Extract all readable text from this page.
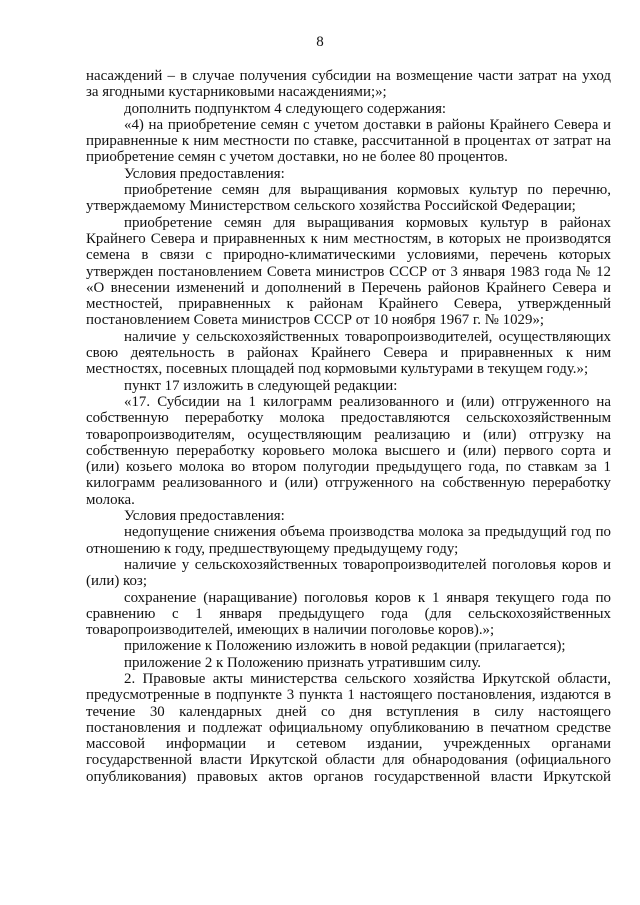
8

насаждений – в случае получения субсидии на возмещение части затрат на уход за ягодными кустарниковыми насаждениями;»;

дополнить подпунктом 4 следующего содержания:

«4) на приобретение семян с учетом доставки в районы Крайнего Севера и приравненные к ним местности по ставке, рассчитанной в процентах от затрат на приобретение семян с учетом доставки, но не более 80 процентов.

Условия предоставления:

приобретение семян для выращивания кормовых культур по перечню, утверждаемому Министерством сельского хозяйства Российской Федерации;

приобретение семян для выращивания кормовых культур в районах Крайнего Севера и приравненных к ним местностям, в которых не производятся семена в связи с природно-климатическими условиями, перечень которых утвержден постановлением Совета министров СССР от 3 января 1983 года № 12 «О внесении изменений и дополнений в Перечень районов Крайнего Севера и местностей, приравненных к районам Крайнего Севера, утвержденный постановлением Совета министров СССР от 10 ноября 1967 г. № 1029»;

наличие у сельскохозяйственных товаропроизводителей, осуществляющих свою деятельность в районах Крайнего Севера и приравненных к ним местностях, посевных площадей под кормовыми культурами в текущем году.»;

пункт 17 изложить в следующей редакции:

«17. Субсидии на 1 килограмм реализованного и (или) отгруженного на собственную переработку молока предоставляются сельскохозяйственным товаропроизводителям, осуществляющим реализацию и (или) отгрузку на собственную переработку коровьего молока высшего и (или) первого сорта и (или) козьего молока во втором полугодии предыдущего года, по ставкам за 1 килограмм реализованного и (или) отгруженного на собственную переработку молока.

Условия предоставления:

недопущение снижения объема производства молока за предыдущий год по отношению к году, предшествующему предыдущему году;

наличие у сельскохозяйственных товаропроизводителей поголовья коров и (или) коз;

сохранение (наращивание) поголовья коров к 1 января текущего года по сравнению с 1 января предыдущего года (для сельскохозяйственных товаропроизводителей, имеющих в наличии поголовье коров).»;

приложение к Положению изложить в новой редакции (прилагается);

приложение 2 к Положению признать утратившим силу.

2. Правовые акты министерства сельского хозяйства Иркутской области, предусмотренные в подпункте 3 пункта 1 настоящего постановления, издаются в течение 30 календарных дней со дня вступления в силу настоящего постановления и подлежат официальному опубликованию в печатном средстве массовой информации и сетевом издании, учрежденных органами государственной власти Иркутской области для обнародования (официального опубликования) правовых актов органов государственной власти Иркутской
